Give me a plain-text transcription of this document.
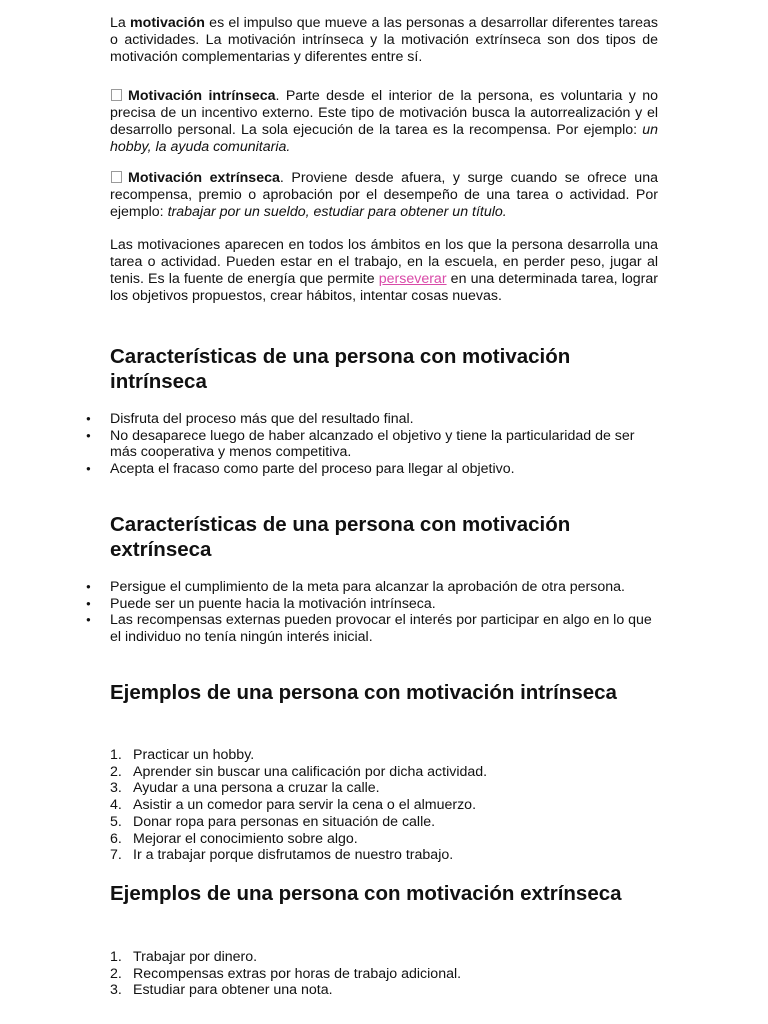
La motivación es el impulso que mueve a las personas a desarrollar diferentes tareas o actividades. La motivación intrínseca y la motivación extrínseca son dos tipos de motivación complementarias y diferentes entre sí.

Motivación intrínseca. Parte desde el interior de la persona, es voluntaria y no precisa de un incentivo externo. Este tipo de motivación busca la autorrealización y el desarrollo personal. La sola ejecución de la tarea es la recompensa. Por ejemplo: un hobby, la ayuda comunitaria.

Motivación extrínseca. Proviene desde afuera, y surge cuando se ofrece una recompensa, premio o aprobación por el desempeño de una tarea o actividad. Por ejemplo: trabajar por un sueldo, estudiar para obtener un título.

Las motivaciones aparecen en todos los ámbitos en los que la persona desarrolla una tarea o actividad. Pueden estar en el trabajo, en la escuela, en perder peso, jugar al tenis. Es la fuente de energía que permite perseverar en una determinada tarea, lograr los objetivos propuestos, crear hábitos, intentar cosas nuevas.

Características de una persona con motivación intrínseca
● Disfruta del proceso más que del resultado final.
● No desaparece luego de haber alcanzado el objetivo y tiene la particularidad de ser más cooperativa y menos competitiva.
● Acepta el fracaso como parte del proceso para llegar al objetivo.
Características de una persona con motivación extrínseca
● Persigue el cumplimiento de la meta para alcanzar la aprobación de otra persona.
● Puede ser un puente hacia la motivación intrínseca.
● Las recompensas externas pueden provocar el interés por participar en algo en lo que el individuo no tenía ningún interés inicial.
Ejemplos de una persona con motivación intrínseca
1. Practicar un hobby.
2. Aprender sin buscar una calificación por dicha actividad.
3. Ayudar a una persona a cruzar la calle.
4. Asistir a un comedor para servir la cena o el almuerzo.
5. Donar ropa para personas en situación de calle.
6. Mejorar el conocimiento sobre algo.
7. Ir a trabajar porque disfrutamos de nuestro trabajo.
Ejemplos de una persona con motivación extrínseca
1. Trabajar por dinero.
2. Recompensas extras por horas de trabajo adicional.
3. Estudiar para obtener una nota.
